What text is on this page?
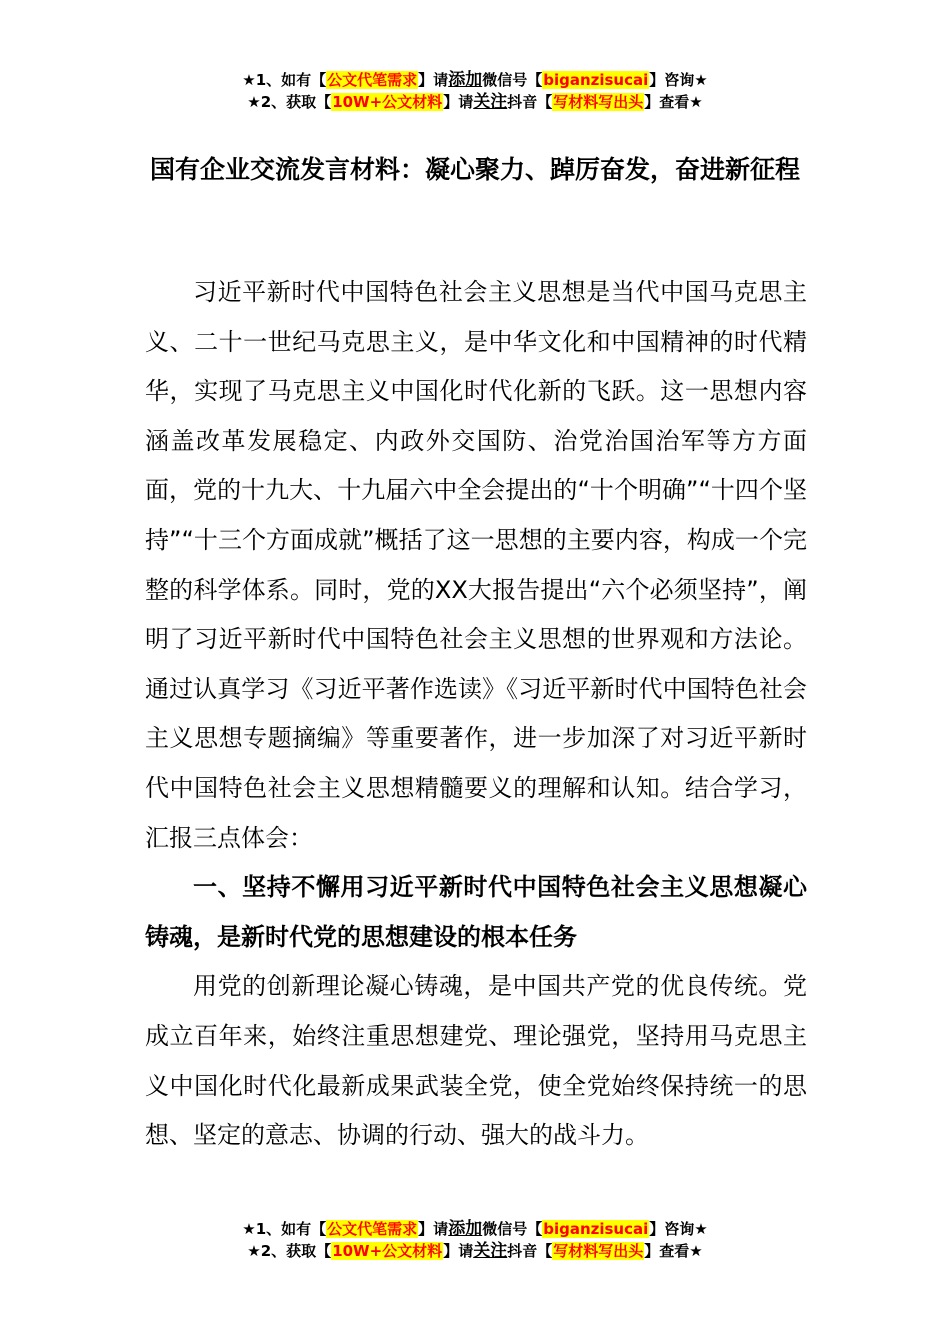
★1、如有【公文代笔需求】请添加微信号【biganzisucai】咨询★
★2、获取【10W+公文材料】请关注抖音【写材料写出头】查看★
国有企业交流发言材料：凝心聚力、踔厉奋发，奋进新征程

习近平新时代中国特色社会主义思想是当代中国马克思主义、二十一世纪马克思主义，是中华文化和中国精神的时代精华，实现了马克思主义中国化时代化新的飞跃。这一思想内容涵盖改革发展稳定、内政外交国防、治党治国治军等方方面面，党的十九大、十九届六中全会提出的“十个明确”“十四个坚持”“十三个方面成就”概括了这一思想的主要内容，构成一个完整的科学体系。同时，党的XX大报告提出“六个必须坚持”，阐明了习近平新时代中国特色社会主义思想的世界观和方法论。通过认真学习《习近平著作选读》《习近平新时代中国特色社会主义思想专题摘编》等重要著作，进一步加深了对习近平新时代中国特色社会主义思想精髓要义的理解和认知。结合学习，汇报三点体会：

一、坚持不懈用习近平新时代中国特色社会主义思想凝心铸魂，是新时代党的思想建设的根本任务

用党的创新理论凝心铸魂，是中国共产党的优良传统。党成立百年来，始终注重思想建党、理论强党，坚持用马克思主义中国化时代化最新成果武装全党，使全党始终保持统一的思想、坚定的意志、协调的行动、强大的战斗力。

★1、如有【公文代笔需求】请添加微信号【biganzisucai】咨询★
★2、获取【10W+公文材料】请关注抖音【写材料写出头】查看★
